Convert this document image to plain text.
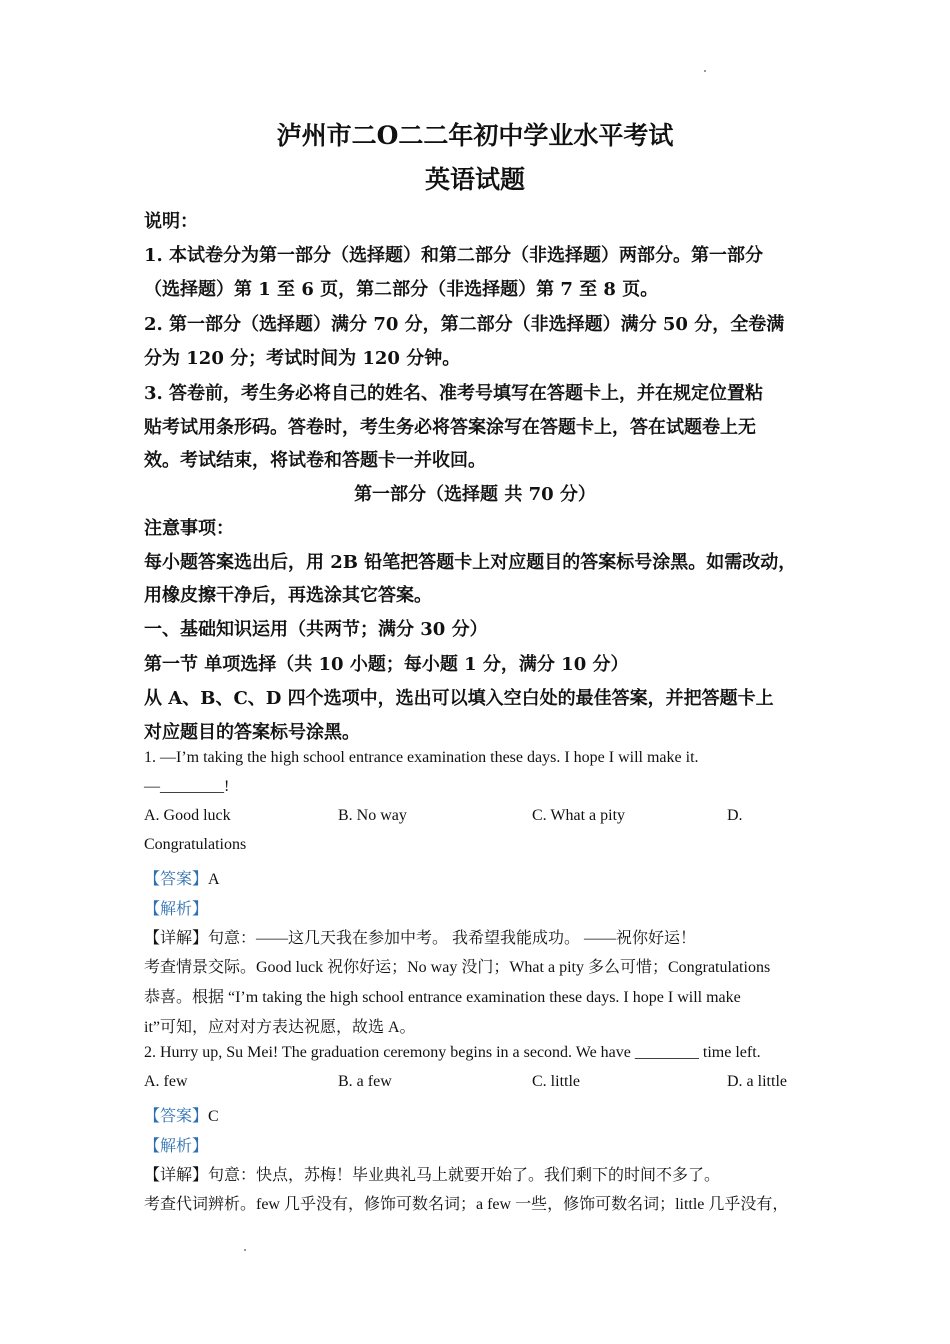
泸州市二O二二年初中学业水平考试
英语试题
说明：
1. 本试卷分为第一部分（选择题）和第二部分（非选择题）两部分。第一部分
（选择题）第 1 至 6 页，第二部分（非选择题）第 7 至 8 页。
2. 第一部分（选择题）满分 70 分，第二部分（非选择题）满分 50 分，全卷满
分为 120 分；考试时间为 120 分钟。
3. 答卷前，考生务必将自己的姓名、准考号填写在答题卡上，并在规定位置粘
贴考试用条形码。答卷时，考生务必将答案涂写在答题卡上，答在试题卷上无
效。考试结束，将试卷和答题卡一并收回。
第一部分（选择题 共 70 分）
注意事项：
每小题答案选出后，用 2B 铅笔把答题卡上对应题目的答案标号涂黑。如需改动，
用橡皮擦干净后，再选涂其它答案。
一、基础知识运用（共两节；满分 30 分）
第一节 单项选择（共 10 小题；每小题 1 分，满分 10 分）
从 A、B、C、D 四个选项中，选出可以填入空白处的最佳答案，并把答题卡上
对应题目的答案标号涂黑。
1. —I’m taking the high school entrance examination these days. I hope I will make it.
—________!
A. Good luck	B. No way	C. What a pity	D.
Congratulations
【答案】A
【解析】
【详解】句意：——这几天我在参加中考。 我希望我能成功。 ——祝你好运！
考查情景交际。Good luck 祝你好运；No way 没门；What a pity 多么可惜；Congratulations
恭喜。根据 “I’m taking the high school entrance examination these days. I hope I will make
it”可知，应对对方表达祝愿，故选 A。
2. Hurry up, Su Mei! The graduation ceremony begins in a second. We have ________ time left.
A. few	B. a few	C. little	D. a little
【答案】C
【解析】
【详解】句意：快点，苏梅！毕业典礼马上就要开始了。我们剩下的时间不多了。
考查代词辨析。few 几乎没有，修饰可数名词；a few 一些，修饰可数名词；little 几乎没有，
